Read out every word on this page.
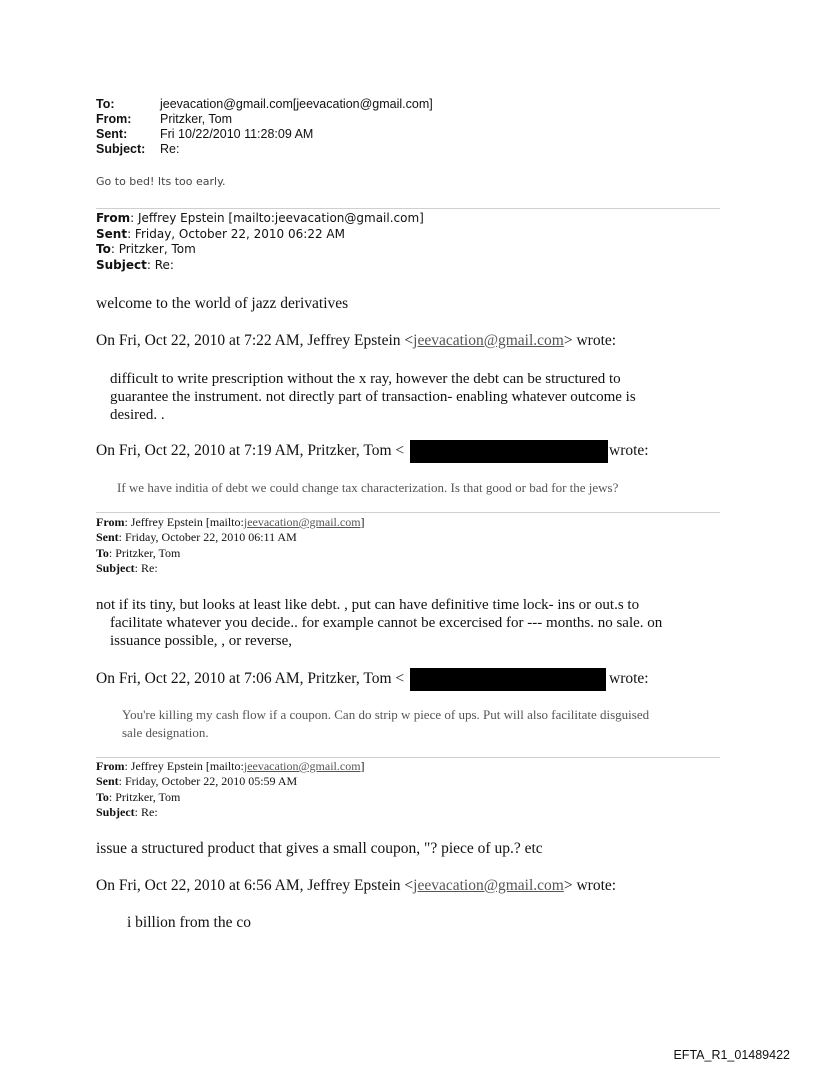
To:	jeevacation@gmail.com[jeevacation@gmail.com]
From: Pritzker, Tom
Sent:	Fri 10/22/2010 11:28:09 AM
Subject: Re:
Go to bed! Its too early.
From: Jeffrey Epstein [mailto:jeevacation@gmail.com]
Sent: Friday, October 22, 2010 06:22 AM
To: Pritzker, Tom
Subject: Re:
welcome to the world of jazz derivatives
On Fri, Oct 22, 2010 at 7:22 AM, Jeffrey Epstein <jeevacation@gmail.com> wrote:
difficult to write prescription without the x ray, however the debt can be structured to
guarantee the instrument. not directly part of transaction- enabling whatever outcome is
desired. .
On Fri, Oct 22, 2010 at 7:19 AM, Pritzker, Tom <	wrote:
If we have inditia of debt we could change tax characterization. Is that good or bad for the jews?
From: Jeffrey Epstein [mailto:jeevacation@gmail.com]
Sent: Friday, October 22, 2010 06:11 AM
To: Pritzker, Tom
Subject: Re:
not if its tiny, but looks at least like debt. , put can have definitive time lock- ins or out.s to
facilitate whatever you decide.. for example cannot be excercised for --- months. no sale. on
issuance possible, , or reverse,
On Fri, Oct 22, 2010 at 7:06 AM, Pritzker, Tom <	wrote:
You're killing my cash flow if a coupon. Can do strip w piece of ups. Put will also facilitate disguised
sale designation.
From: Jeffrey Epstein [mailto:jeevacation@gmail.com]
Sent: Friday, October 22, 2010 05:59 AM
To: Pritzker, Tom
Subject: Re:
issue a structured product that gives a small coupon, "? piece of up.? etc
On Fri, Oct 22, 2010 at 6:56 AM, Jeffrey Epstein <jeevacation@gmail.com> wrote:
i billion from the co
EFTA_R1_01489422
